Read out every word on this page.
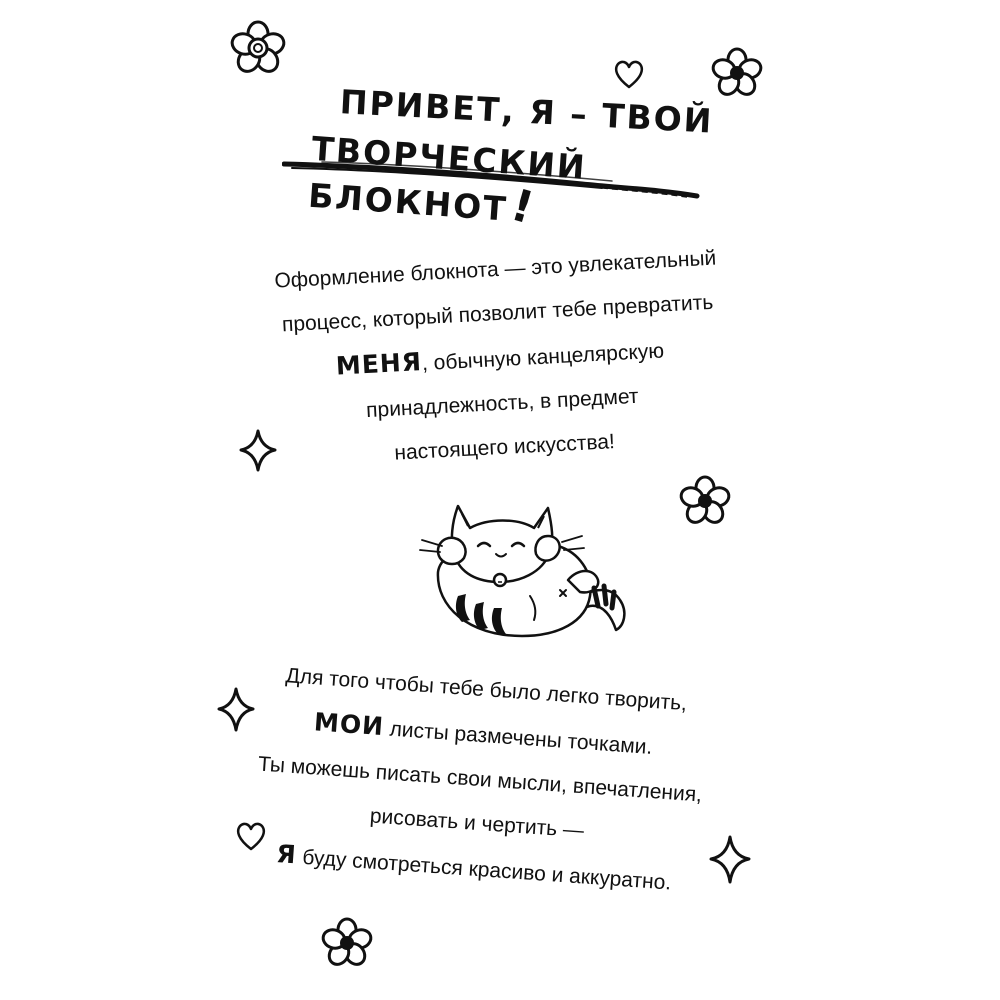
ПРИВЕТ, Я – ТВОЙ
ТВОРЧЕСКИЙ БЛОКНОТ!
Оформление блокнота — это увлекательный
процесс, который позволит тебе превратить
МЕНЯ, обычную канцелярскую
принадлежность, в предмет
настоящего искусства!
Для того чтобы тебе было легко творить,
МОИ листы размечены точками.
Ты можешь писать свои мысли, впечатления,
рисовать и чертить —
Я буду смотреться красиво и аккуратно.
